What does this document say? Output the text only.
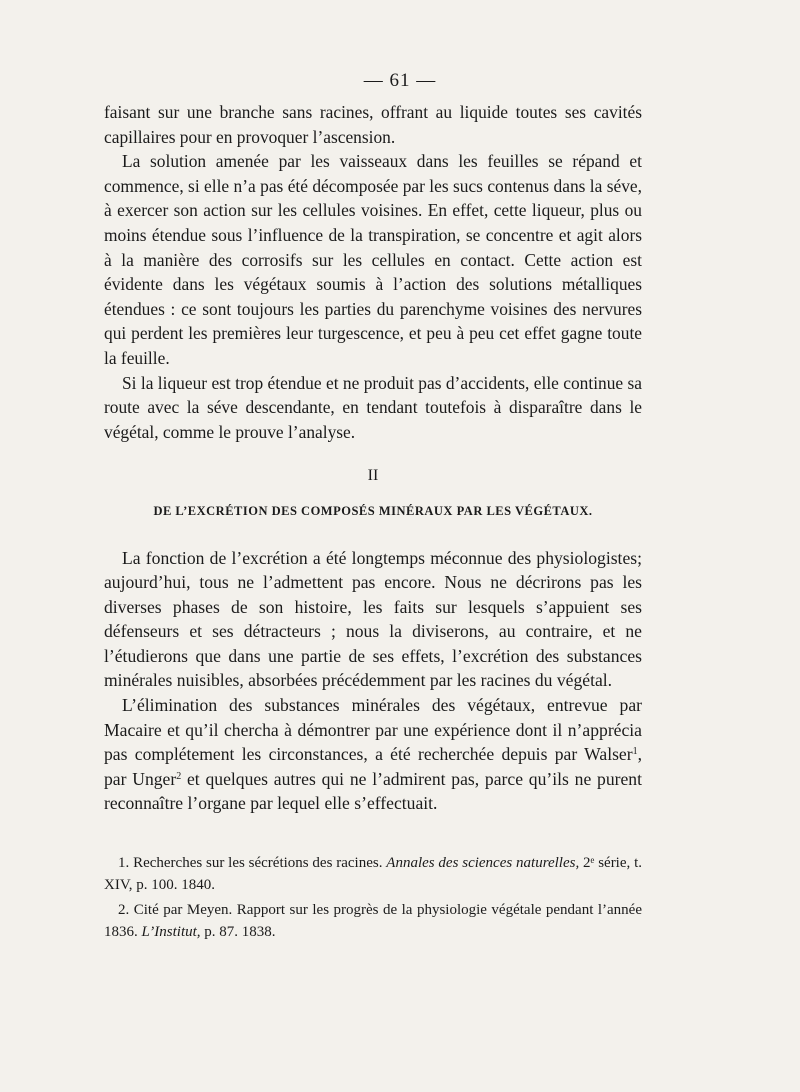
— 61 —

faisant sur une branche sans racines, offrant au liquide toutes ses cavités capillaires pour en provoquer l’ascension.

La solution amenée par les vaisseaux dans les feuilles se répand et commence, si elle n’a pas été décomposée par les sucs contenus dans la séve, à exercer son action sur les cellules voisines. En effet, cette liqueur, plus ou moins étendue sous l’influence de la transpiration, se concentre et agit alors à la manière des corrosifs sur les cellules en contact. Cette action est évidente dans les végétaux soumis à l’action des solutions métalliques étendues : ce sont toujours les parties du parenchyme voisines des nervures qui perdent les premières leur turgescence, et peu à peu cet effet gagne toute la feuille.

Si la liqueur est trop étendue et ne produit pas d’accidents, elle continue sa route avec la séve descendante, en tendant toutefois à disparaître dans le végétal, comme le prouve l’analyse.

II
DE L’EXCRÉTION DES COMPOSÉS MINÉRAUX PAR LES VÉGÉTAUX.

La fonction de l’excrétion a été longtemps méconnue des physiologistes; aujourd’hui, tous ne l’admettent pas encore. Nous ne décrirons pas les diverses phases de son histoire, les faits sur lesquels s’appuient ses défenseurs et ses détracteurs ; nous la diviserons, au contraire, et ne l’étudierons que dans une partie de ses effets, l’excrétion des substances minérales nuisibles, absorbées précédemment par les racines du végétal.

L’élimination des substances minérales des végétaux, entrevue par Macaire et qu’il chercha à démontrer par une expérience dont il n’apprécia pas complétement les circonstances, a été recherchée depuis par Walser$^1$, par Unger$^2$ et quelques autres qui ne l’admirent pas, parce qu’ils ne purent reconnaître l’organe par lequel elle s’effectuait.

1. Recherches sur les sécrétions des racines. Annales des sciences naturelles, 2ᵉ série, t. XIV, p. 100. 1840.

2. Cité par Meyen. Rapport sur les progrès de la physiologie végétale pendant l’année 1836. L’Institut, p. 87. 1838.
